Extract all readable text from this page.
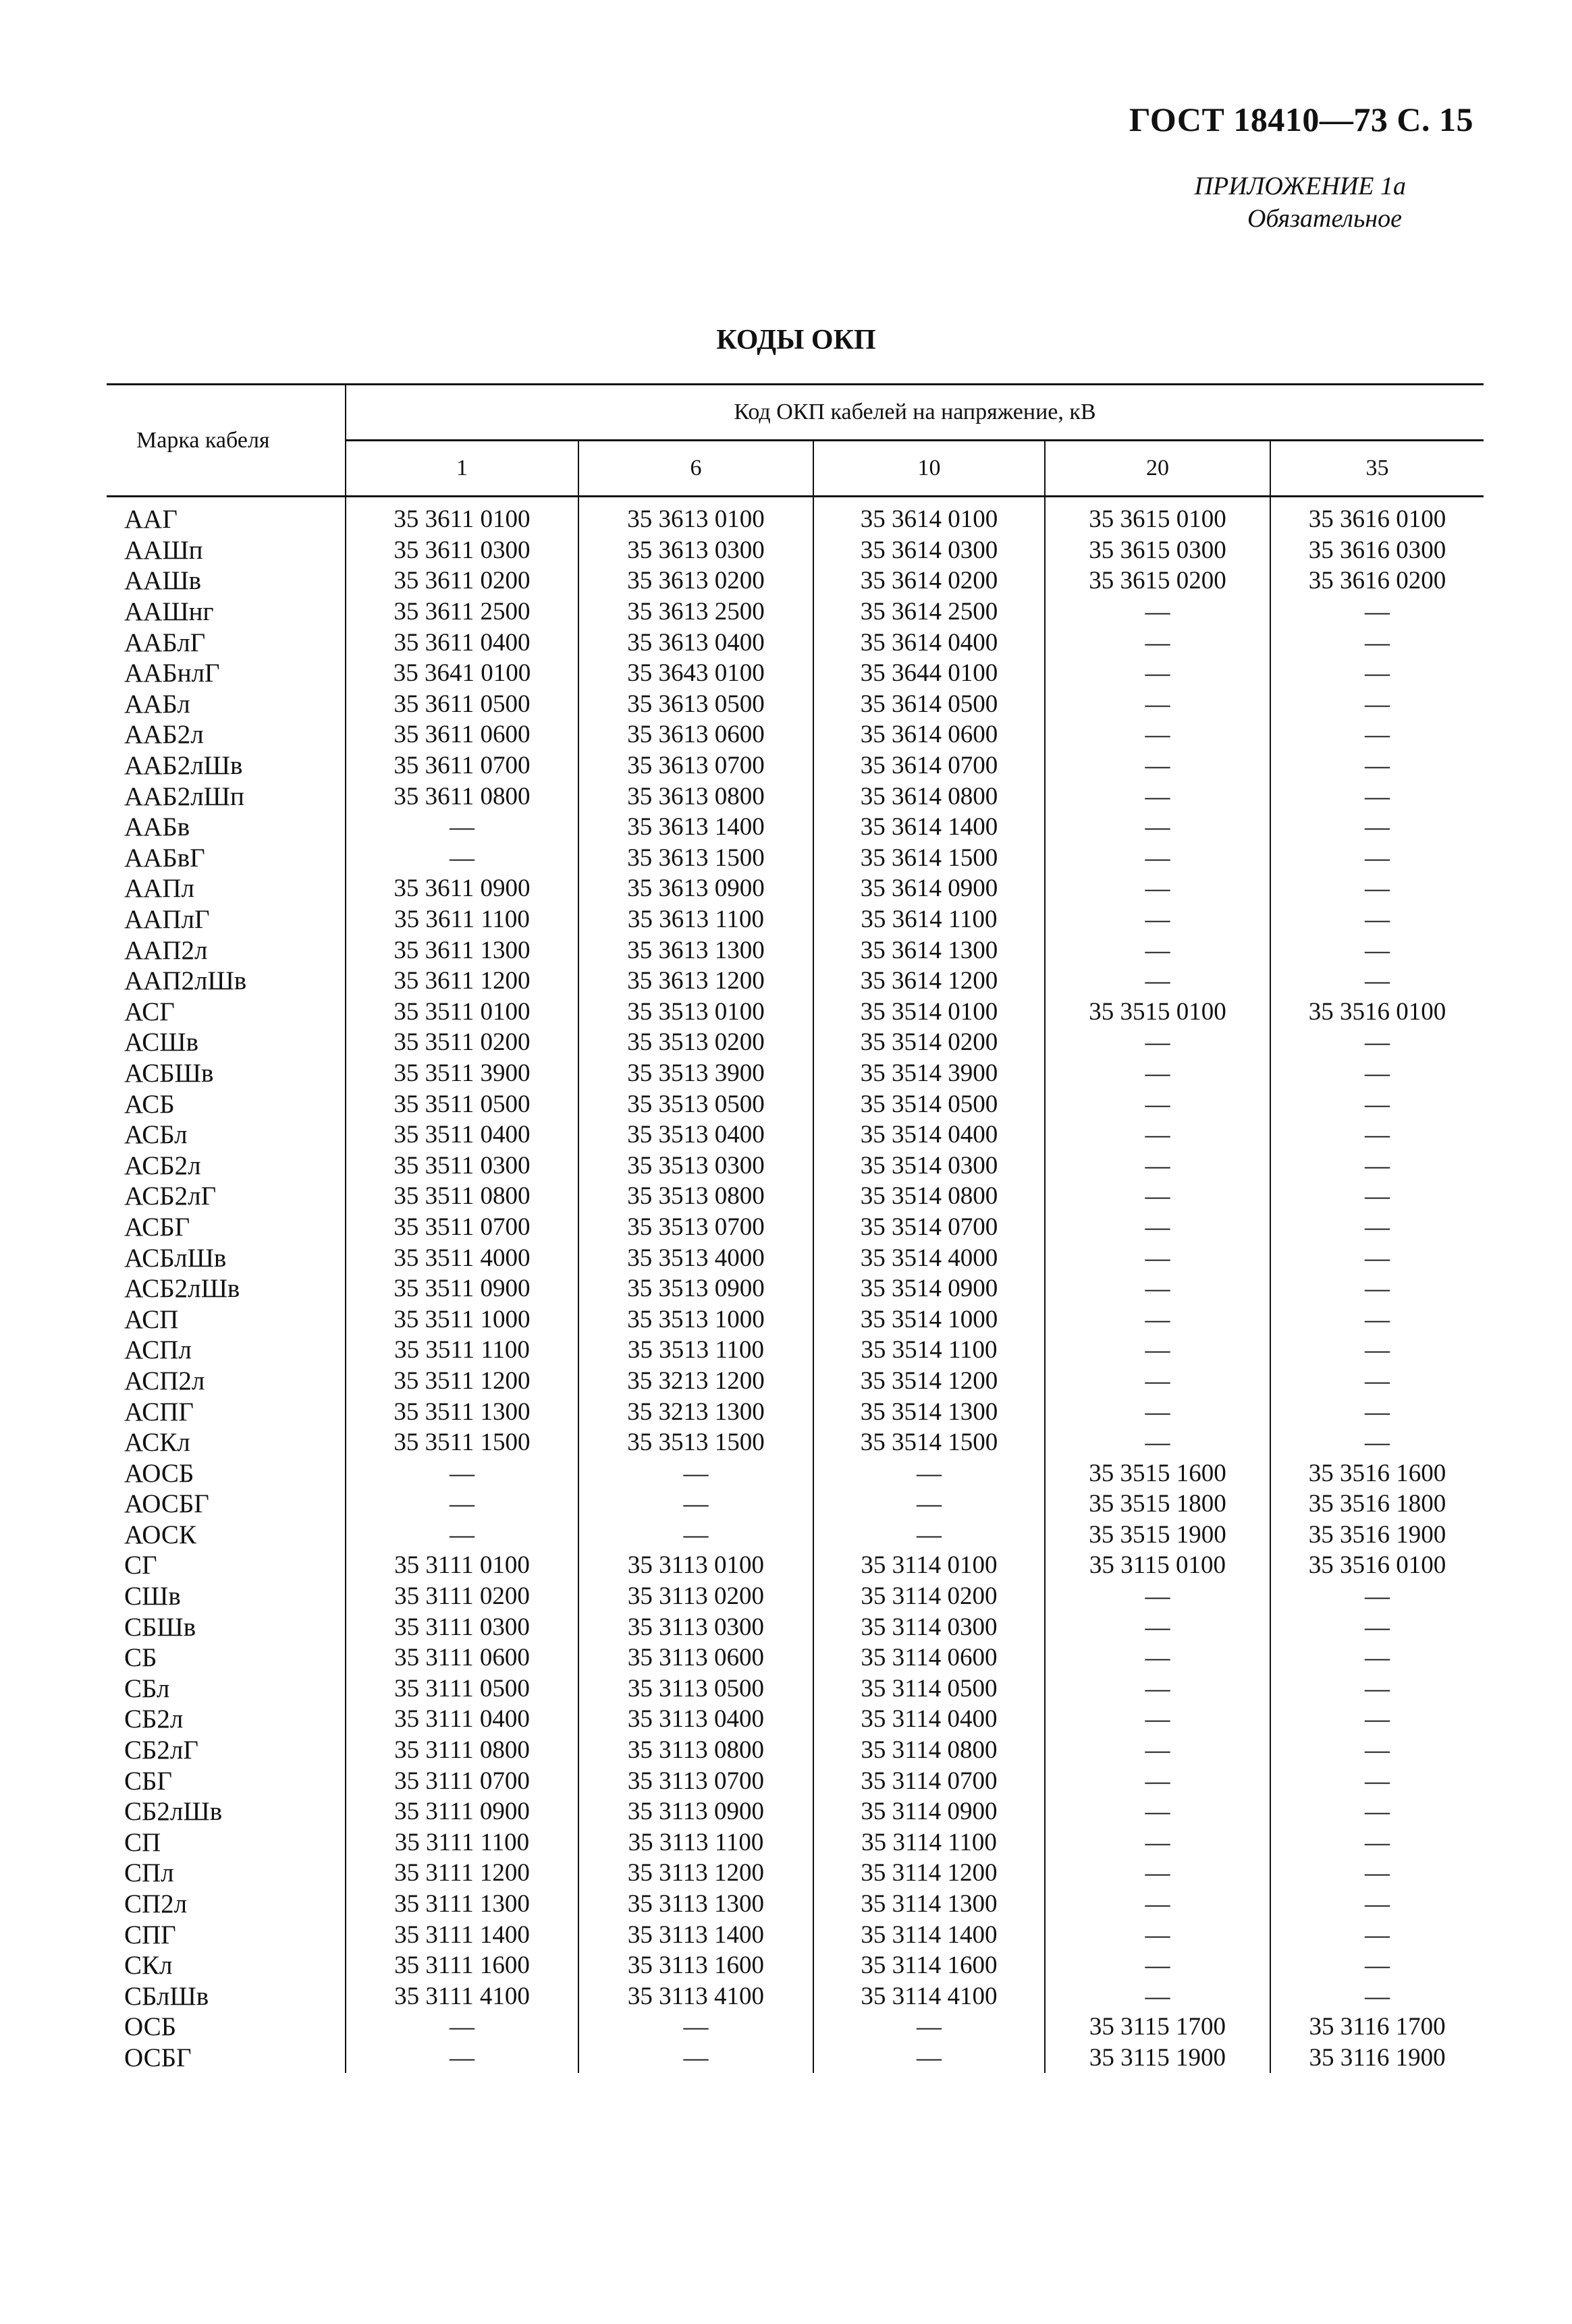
ГОСТ 18410—73 С. 15
ПРИЛОЖЕНИЕ 1а

Обязательное
КОДЫ ОКП
Марка кабеля	Код ОКП кабелей на напряжение, кВ				
	1	6	10	20	35
ААГ	35 3611 0100	35 3613 0100	35 3614 0100	35 3615 0100	35 3616 0100
ААШп	35 3611 0300	35 3613 0300	35 3614 0300	35 3615 0300	35 3616 0300
ААШв	35 3611 0200	35 3613 0200	35 3614 0200	35 3615 0200	35 3616 0200
ААШнг	35 3611 2500	35 3613 2500	35 3614 2500	—	—
ААБлГ	35 3611 0400	35 3613 0400	35 3614 0400	—	—
ААБнлГ	35 3641 0100	35 3643 0100	35 3644 0100	—	—
ААБл	35 3611 0500	35 3613 0500	35 3614 0500	—	—
ААБ2л	35 3611 0600	35 3613 0600	35 3614 0600	—	—
ААБ2лШв	35 3611 0700	35 3613 0700	35 3614 0700	—	—
ААБ2лШп	35 3611 0800	35 3613 0800	35 3614 0800	—	—
ААБв	—	35 3613 1400	35 3614 1400	—	—
ААБвГ	—	35 3613 1500	35 3614 1500	—	—
ААПл	35 3611 0900	35 3613 0900	35 3614 0900	—	—
ААПлГ	35 3611 1100	35 3613 1100	35 3614 1100	—	—
ААП2л	35 3611 1300	35 3613 1300	35 3614 1300	—	—
ААП2лШв	35 3611 1200	35 3613 1200	35 3614 1200	—	—
АСГ	35 3511 0100	35 3513 0100	35 3514 0100	35 3515 0100	35 3516 0100
АСШв	35 3511 0200	35 3513 0200	35 3514 0200	—	—
АСБШв	35 3511 3900	35 3513 3900	35 3514 3900	—	—
АСБ	35 3511 0500	35 3513 0500	35 3514 0500	—	—
АСБл	35 3511 0400	35 3513 0400	35 3514 0400	—	—
АСБ2л	35 3511 0300	35 3513 0300	35 3514 0300	—	—
АСБ2лГ	35 3511 0800	35 3513 0800	35 3514 0800	—	—
АСБГ	35 3511 0700	35 3513 0700	35 3514 0700	—	—
АСБлШв	35 3511 4000	35 3513 4000	35 3514 4000	—	—
АСБ2лШв	35 3511 0900	35 3513 0900	35 3514 0900	—	—
АСП	35 3511 1000	35 3513 1000	35 3514 1000	—	—
АСПл	35 3511 1100	35 3513 1100	35 3514 1100	—	—
АСП2л	35 3511 1200	35 3213 1200	35 3514 1200	—	—
АСПГ	35 3511 1300	35 3213 1300	35 3514 1300	—	—
АСКл	35 3511 1500	35 3513 1500	35 3514 1500	—	—
АОСБ	—	—	—	35 3515 1600	35 3516 1600
АОСБГ	—	—	—	35 3515 1800	35 3516 1800
АОСК	—	—	—	35 3515 1900	35 3516 1900
СГ	35 3111 0100	35 3113 0100	35 3114 0100	35 3115 0100	35 3516 0100
СШв	35 3111 0200	35 3113 0200	35 3114 0200	—	—
СБШв	35 3111 0300	35 3113 0300	35 3114 0300	—	—
СБ	35 3111 0600	35 3113 0600	35 3114 0600	—	—
СБл	35 3111 0500	35 3113 0500	35 3114 0500	—	—
СБ2л	35 3111 0400	35 3113 0400	35 3114 0400	—	—
СБ2лГ	35 3111 0800	35 3113 0800	35 3114 0800	—	—
СБГ	35 3111 0700	35 3113 0700	35 3114 0700	—	—
СБ2лШв	35 3111 0900	35 3113 0900	35 3114 0900	—	—
СП	35 3111 1100	35 3113 1100	35 3114 1100	—	—
СПл	35 3111 1200	35 3113 1200	35 3114 1200	—	—
СП2л	35 3111 1300	35 3113 1300	35 3114 1300	—	—
СПГ	35 3111 1400	35 3113 1400	35 3114 1400	—	—
СКл	35 3111 1600	35 3113 1600	35 3114 1600	—	—
СБлШв	35 3111 4100	35 3113 4100	35 3114 4100	—	—
ОСБ	—	—	—	35 3115 1700	35 3116 1700
ОСБГ	—	—	—	35 3115 1900	35 3116 1900
